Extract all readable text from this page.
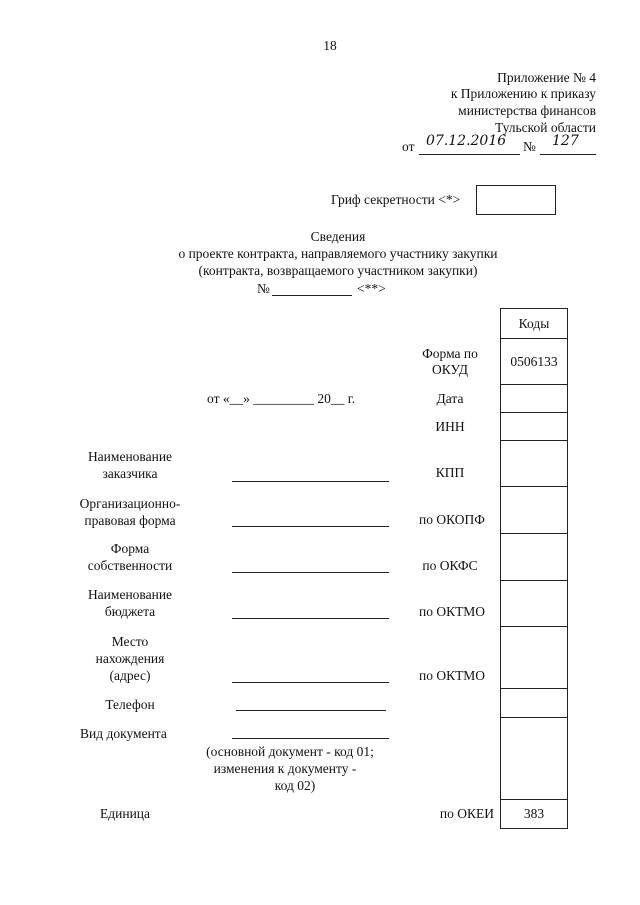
18
Приложение № 4
к Приложению к приказу
министерства финансов
Тульской области
от 07.12.2016 № 127
Гриф секретности <*>
Сведения
о проекте контракта, направляемого участнику закупки
(контракта, возвращаемого участником закупки)
№	<**>
Коды
0506133
383
Форма по
ОКУД
Дата
ИНН
КПП
по ОКОПФ
по ОКФС
по ОКТМО
по ОКТМО
по ОКЕИ
от «__» _________ 20__ г.
Наименование
заказчика
Организационно-
правовая форма
Форма
собственности
Наименование
бюджета
Место
нахождения
(адрес)
Телефон
Вид документа
(основной документ - код 01;
изменения к документу -
код 02)
Единица
